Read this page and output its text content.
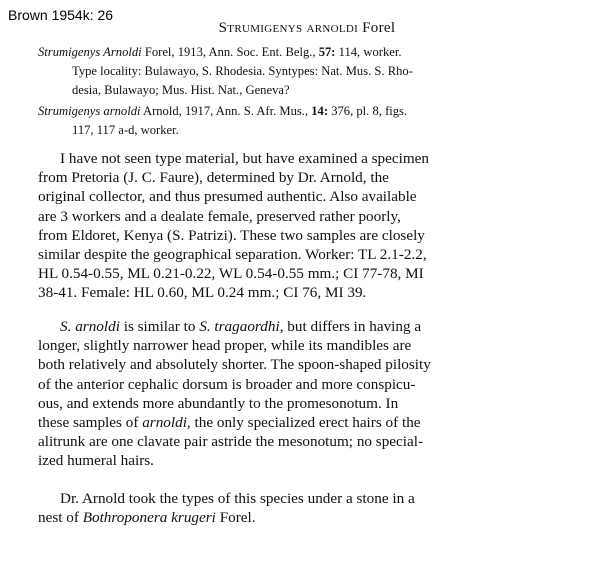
Brown 1954k: 26
Strumigenys arnoldi Forel
Strumigenys Arnoldi Forel, 1913, Ann. Soc. Ent. Belg., 57: 114, worker.
Type locality: Bulawayo, S. Rhodesia. Syntypes: Nat. Mus. S. Rho-
desia, Bulawayo; Mus. Hist. Nat., Geneva?
Strumigenys arnoldi Arnold, 1917, Ann. S. Afr. Mus., 14: 376, pl. 8, figs.
117, 117 a-d, worker.
I have not seen type material, but have examined a specimen
from Pretoria (J. C. Faure), determined by Dr. Arnold, the
original collector, and thus presumed authentic. Also available
are 3 workers and a dealate female, preserved rather poorly,
from Eldoret, Kenya (S. Patrizi). These two samples are closely
similar despite the geographical separation. Worker: TL 2.1-2.2,
HL 0.54-0.55, ML 0.21-0.22, WL 0.54-0.55 mm.; CI 77-78, MI
38-41. Female: HL 0.60, ML 0.24 mm.; CI 76, MI 39.
S. arnoldi is similar to S. tragaordhi, but differs in having a
longer, slightly narrower head proper, while its mandibles are
both relatively and absolutely shorter. The spoon-shaped pilosity
of the anterior cephalic dorsum is broader and more conspicu-
ous, and extends more abundantly to the promesonotum. In
these samples of arnoldi, the only specialized erect hairs of the
alitrunk are one clavate pair astride the mesonotum; no special-
ized humeral hairs.
Dr. Arnold took the types of this species under a stone in a
nest of Bothroponera krugeri Forel.
